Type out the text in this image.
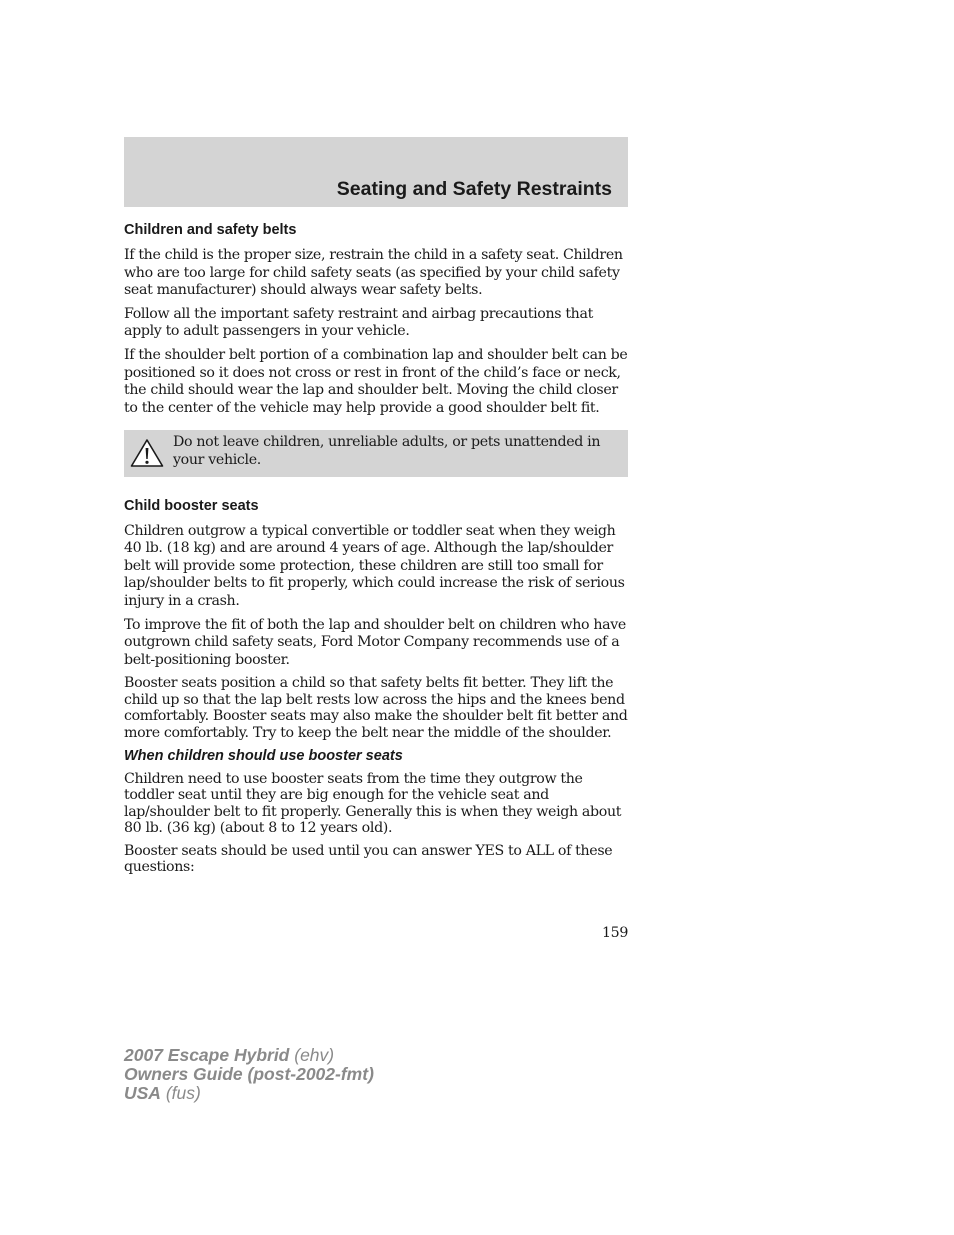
Seating and Safety Restraints
Children and safety belts

If the child is the proper size, restrain the child in a safety seat. Children who are too large for child safety seats (as specified by your child safety seat manufacturer) should always wear safety belts.

Follow all the important safety restraint and airbag precautions that apply to adult passengers in your vehicle.

If the shoulder belt portion of a combination lap and shoulder belt can be positioned so it does not cross or rest in front of the child’s face or neck, the child should wear the lap and shoulder belt. Moving the child closer to the center of the vehicle may help provide a good shoulder belt fit.

Do not leave children, unreliable adults, or pets unattended in your vehicle.

Child booster seats

Children outgrow a typical convertible or toddler seat when they weigh 40 lb. (18 kg) and are around 4 years of age. Although the lap/shoulder belt will provide some protection, these children are still too small for lap/shoulder belts to fit properly, which could increase the risk of serious injury in a crash.

To improve the fit of both the lap and shoulder belt on children who have outgrown child safety seats, Ford Motor Company recommends use of a belt-positioning booster.

Booster seats position a child so that safety belts fit better. They lift the child up so that the lap belt rests low across the hips and the knees bend comfortably. Booster seats may also make the shoulder belt fit better and more comfortably. Try to keep the belt near the middle of the shoulder.

When children should use booster seats

Children need to use booster seats from the time they outgrow the toddler seat until they are big enough for the vehicle seat and lap/shoulder belt to fit properly. Generally this is when they weigh about 80 lb. (36 kg) (about 8 to 12 years old).

Booster seats should be used until you can answer YES to ALL of these questions:

159

2007 Escape Hybrid (ehv)
Owners Guide (post-2002-fmt)
USA (fus)
